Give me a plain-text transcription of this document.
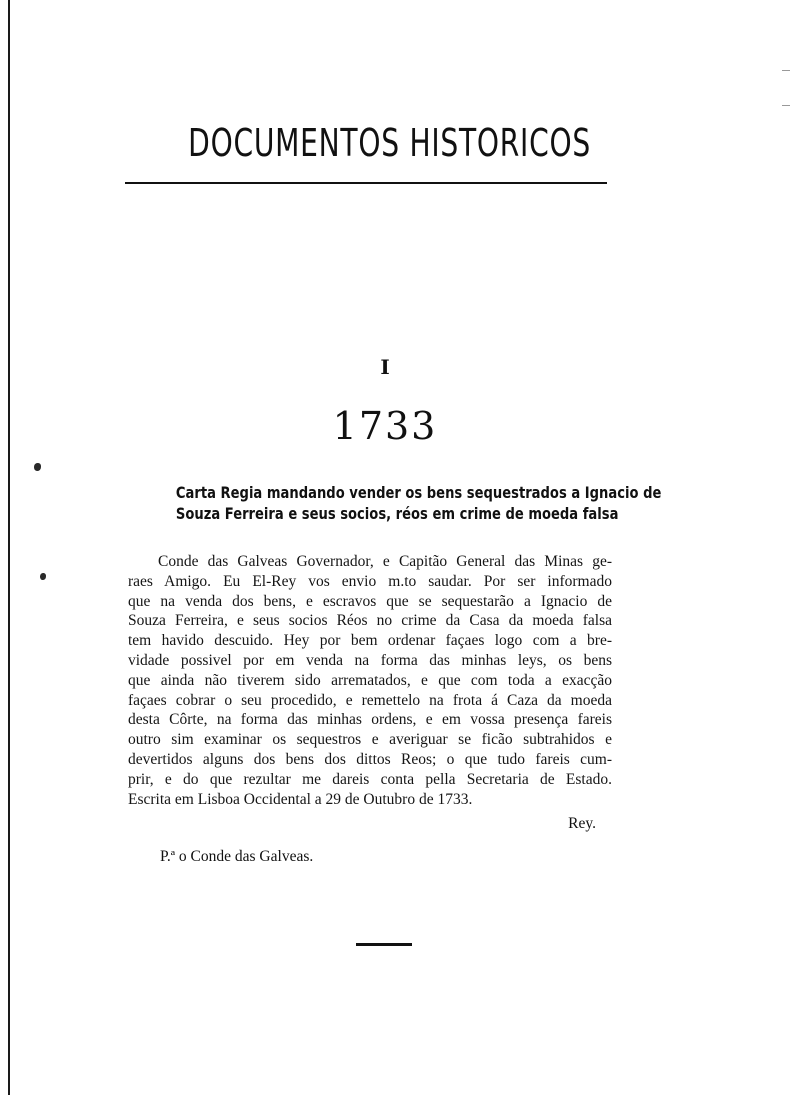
DOCUMENTOS HISTORICOS
I
1733
Carta Regia mandando vender os bens sequestrados a Ignacio de
Souza Ferreira e seus socios, réos em crime de moeda falsa
Conde das Galveas Governador, e Capitão General das Minas ge-
raes Amigo. Eu El-Rey vos envio m.to saudar. Por ser informado
que na venda dos bens, e escravos que se sequestarão a Ignacio de
Souza Ferreira, e seus socios Réos no crime da Casa da moeda falsa
tem havido descuido. Hey por bem ordenar façaes logo com a bre-
vidade possivel por em venda na forma das minhas leys, os bens
que ainda não tiverem sido arrematados, e que com toda a exacção
façaes cobrar o seu procedido, e remettelo na frota á Caza da moeda
desta Côrte, na forma das minhas ordens, e em vossa presença fareis
outro sim examinar os sequestros e averiguar se ficão subtrahidos e
devertidos alguns dos bens dos dittos Reos; o que tudo fareis cum-
prir, e do que rezultar me dareis conta pella Secretaria de Estado.
Escrita em Lisboa Occidental a 29 de Outubro de 1733.
Rey.
P.ª o Conde das Galveas.
